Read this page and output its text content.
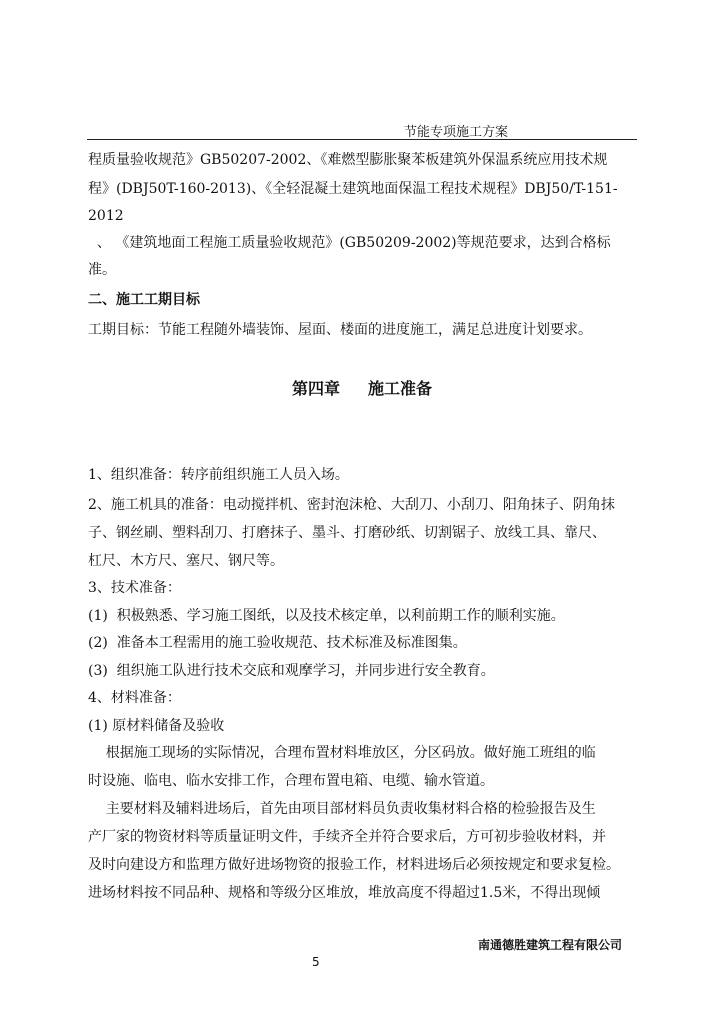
节能专项施工方案
程质量验收规范》GB50207-2002、《难燃型膨胀聚苯板建筑外保温系统应用技术规
程》(DBJ50T-160-2013)、《全轻混凝土建筑地面保温工程技术规程》DBJ50/T-151-
2012
、 《建筑地面工程施工质量验收规范》(GB50209-2002)等规范要求，达到合格标
准。
二、施工工期目标
工期目标：节能工程随外墙装饰、屋面、楼面的进度施工，满足总进度计划要求。
第四章 施工准备
1、组织准备：转序前组织施工人员入场。
2、施工机具的准备：电动搅拌机、密封泡沫枪、大刮刀、小刮刀、阳角抹子、阴角抹
子、钢丝刷、塑料刮刀、打磨抹子、墨斗、打磨砂纸、切割锯子、放线工具、靠尺、
杠尺、木方尺、塞尺、钢尺等。
3、技术准备：
(1)  积极熟悉、学习施工图纸，以及技术核定单，以利前期工作的顺利实施。
(2)  准备本工程需用的施工验收规范、技术标准及标准图集。
(3)  组织施工队进行技术交底和观摩学习，并同步进行安全教育。
4、材料准备：
(1) 原材料储备及验收
根据施工现场的实际情况，合理布置材料堆放区，分区码放。做好施工班组的临
时设施、临电、临水安排工作，合理布置电箱、电缆、输水管道。
主要材料及辅料进场后，首先由项目部材料员负责收集材料合格的检验报告及生
产厂家的物资材料等质量证明文件，手续齐全并符合要求后，方可初步验收材料，并
及时向建设方和监理方做好进场物资的报验工作，材料进场后必须按规定和要求复检。
进场材料按不同品种、规格和等级分区堆放，堆放高度不得超过1.5米，不得出现倾
南通德胜建筑工程有限公司
5
